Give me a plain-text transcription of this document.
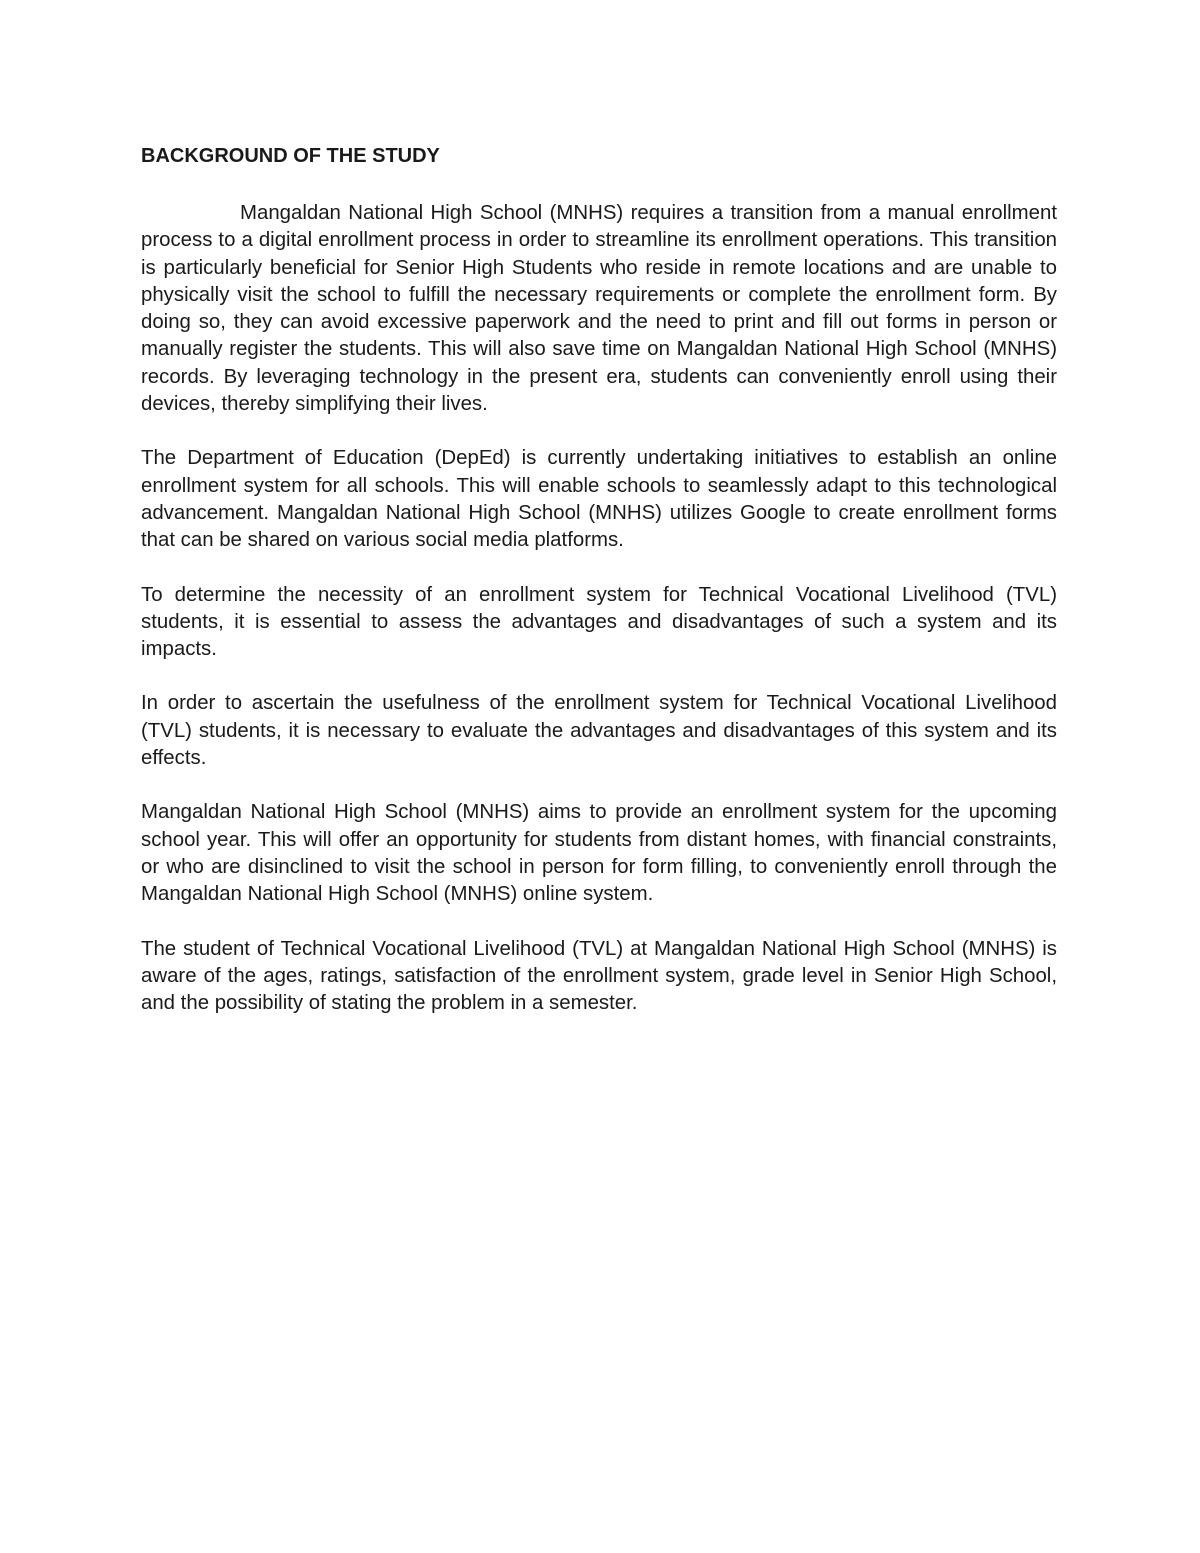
BACKGROUND OF THE STUDY

Mangaldan National High School (MNHS) requires a transition from a manual enrollment process to a digital enrollment process in order to streamline its enrollment operations. This transition is particularly beneficial for Senior High Students who reside in remote locations and are unable to physically visit the school to fulfill the necessary requirements or complete the enrollment form. By doing so, they can avoid excessive paperwork and the need to print and fill out forms in person or manually register the students. This will also save time on Mangaldan National High School (MNHS) records. By leveraging technology in the present era, students can conveniently enroll using their devices, thereby simplifying their lives.

The Department of Education (DepEd) is currently undertaking initiatives to establish an online enrollment system for all schools. This will enable schools to seamlessly adapt to this technological advancement. Mangaldan National High School (MNHS) utilizes Google to create enrollment forms that can be shared on various social media platforms.

To determine the necessity of an enrollment system for Technical Vocational Livelihood (TVL) students, it is essential to assess the advantages and disadvantages of such a system and its impacts.

In order to ascertain the usefulness of the enrollment system for Technical Vocational Livelihood (TVL) students, it is necessary to evaluate the advantages and disadvantages of this system and its effects.

Mangaldan National High School (MNHS) aims to provide an enrollment system for the upcoming school year. This will offer an opportunity for students from distant homes, with financial constraints, or who are disinclined to visit the school in person for form filling, to conveniently enroll through the Mangaldan National High School (MNHS) online system.

The student of Technical Vocational Livelihood (TVL) at Mangaldan National High School (MNHS) is aware of the ages, ratings, satisfaction of the enrollment system, grade level in Senior High School, and the possibility of stating the problem in a semester.
